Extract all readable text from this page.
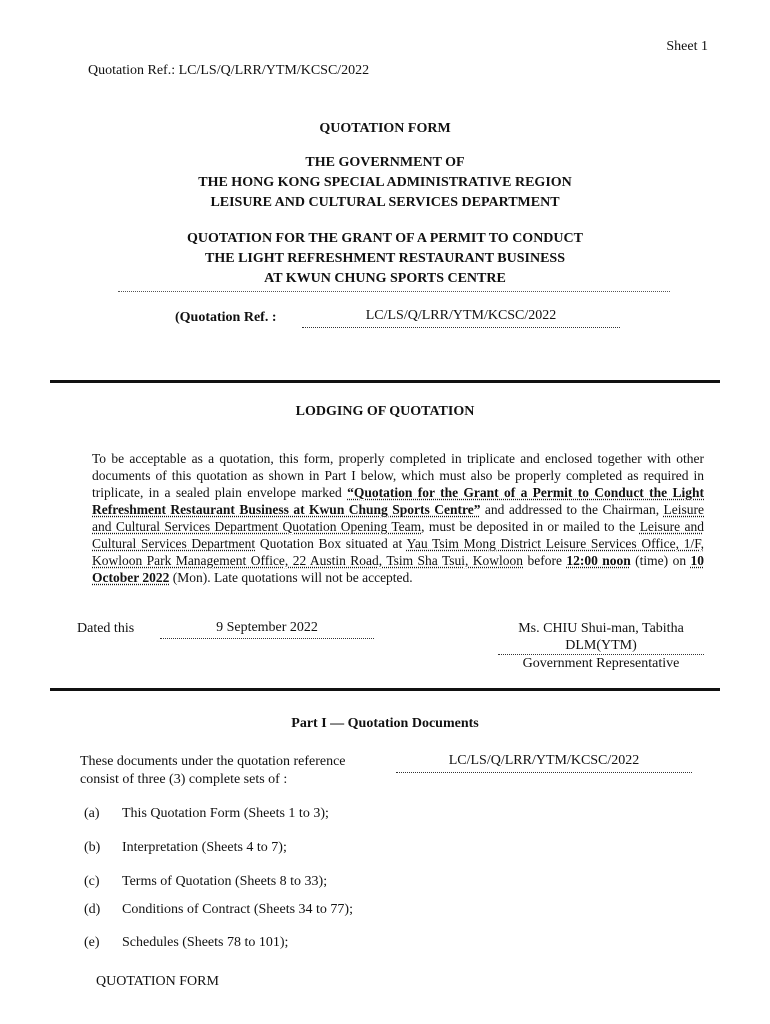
Sheet 1
Quotation Ref.: LC/LS/Q/LRR/YTM/KCSC/2022
QUOTATION FORM
THE GOVERNMENT OF
THE HONG KONG SPECIAL ADMINISTRATIVE REGION
LEISURE AND CULTURAL SERVICES DEPARTMENT
QUOTATION FOR THE GRANT OF A PERMIT TO CONDUCT
THE LIGHT REFRESHMENT RESTAURANT BUSINESS
AT KWUN CHUNG SPORTS CENTRE
(Quotation Ref. :	LC/LS/Q/LRR/YTM/KCSC/2022
LODGING OF QUOTATION
To be acceptable as a quotation, this form, properly completed in triplicate and enclosed together with other documents of this quotation as shown in Part I below, which must also be properly completed as required in triplicate, in a sealed plain envelope marked “Quotation for the Grant of a Permit to Conduct the Light Refreshment Restaurant Business at Kwun Chung Sports Centre” and addressed to the Chairman, Leisure and Cultural Services Department Quotation Opening Team, must be deposited in or mailed to the Leisure and Cultural Services Department Quotation Box situated at Yau Tsim Mong District Leisure Services Office, 1/F, Kowloon Park Management Office, 22 Austin Road, Tsim Sha Tsui, Kowloon before 12:00 noon (time) on 10 October 2022 (Mon). Late quotations will not be accepted.
Dated this	9 September 2022	Ms. CHIU Shui-man, Tabitha
DLM(YTM)
Government Representative
Part I — Quotation Documents
These documents under the quotation reference
consist of three (3) complete sets of :
LC/LS/Q/LRR/YTM/KCSC/2022
(a) This Quotation Form (Sheets 1 to 3);
(b) Interpretation (Sheets 4 to 7);
(c) Terms of Quotation (Sheets 8 to 33);
(d) Conditions of Contract (Sheets 34 to 77);
(e) Schedules (Sheets 78 to 101);
QUOTATION FORM
